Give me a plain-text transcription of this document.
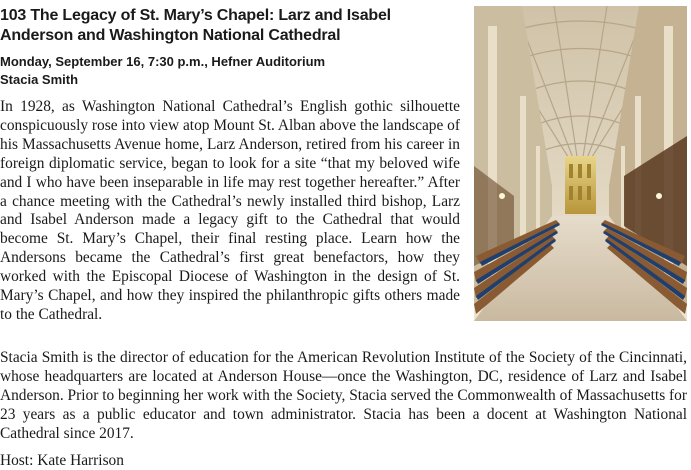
103 The Legacy of St. Mary’s Chapel: Larz and Isabel Anderson and Washington National Cathedral
Monday, September 16, 7:30 p.m., Hefner Auditorium
Stacia Smith

In 1928, as Washington National Cathedral’s English gothic silhouette conspicuously rose into view atop Mount St. Alban above the landscape of his Massachusetts Avenue home, Larz Anderson, retired from his career in foreign diplomatic service, began to look for a site “that my beloved wife and I who have been inseparable in life may rest together hereafter.” After a chance meeting with the Cathedral’s newly installed third bishop, Larz and Isabel Anderson made a legacy gift to the Cathedral that would become St. Mary’s Chapel, their final resting place. Learn how the Andersons became the Cathedral’s first great benefactors, how they worked with the Episcopal Diocese of Washington in the design of St. Mary’s Chapel, and how they inspired the philanthropic gifts others made to the Cathedral.

Stacia Smith is the director of education for the American Revolution Institute of the Society of the Cincinnati, whose headquarters are located at Anderson House—once the Washington, DC, residence of Larz and Isabel Anderson. Prior to beginning her work with the Society, Stacia served the Commonwealth of Massachusetts for 23 years as a public educator and town administrator. Stacia has been a docent at Washington National Cathedral since 2017.

Host: Kate Harrison
